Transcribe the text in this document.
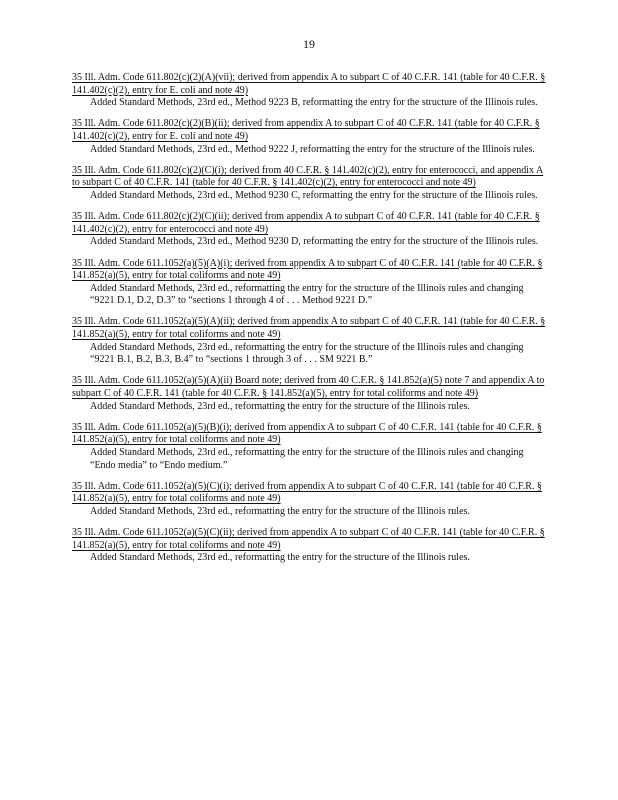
19
35 Ill. Adm. Code 611.802(c)(2)(A)(vii); derived from appendix A to subpart C of 40 C.F.R. 141 (table for 40 C.F.R. § 141.402(c)(2), entry for E. coli and note 49)
Added Standard Methods, 23rd ed., Method 9223 B, reformatting the entry for the structure of the Illinois rules.
35 Ill. Adm. Code 611.802(c)(2)(B)(ii); derived from appendix A to subpart C of 40 C.F.R. 141 (table for 40 C.F.R. § 141.402(c)(2), entry for E. coli and note 49)
Added Standard Methods, 23rd ed., Method 9222 J, reformatting the entry for the structure of the Illinois rules.
35 Ill. Adm. Code 611.802(c)(2)(C)(i); derived from 40 C.F.R. § 141.402(c)(2), entry for enterococci, and appendix A to subpart C of 40 C.F.R. 141 (table for 40 C.F.R. § 141.402(c)(2), entry for enterococci and note 49)
Added Standard Methods, 23rd ed., Method 9230 C, reformatting the entry for the structure of the Illinois rules.
35 Ill. Adm. Code 611.802(c)(2)(C)(ii); derived from appendix A to subpart C of 40 C.F.R. 141 (table for 40 C.F.R. § 141.402(c)(2), entry for enterococci and note 49)
Added Standard Methods, 23rd ed., Method 9230 D, reformatting the entry for the structure of the Illinois rules.
35 Ill. Adm. Code 611.1052(a)(5)(A)(i); derived from appendix A to subpart C of 40 C.F.R. 141 (table for 40 C.F.R. § 141.852(a)(5), entry for total coliforms and note 49)
Added Standard Methods, 23rd ed., reformatting the entry for the structure of the Illinois rules and changing “9221 D.1, D.2, D.3” to “sections 1 through 4 of . . . Method 9221 D.”
35 Ill. Adm. Code 611.1052(a)(5)(A)(ii); derived from appendix A to subpart C of 40 C.F.R. 141 (table for 40 C.F.R. § 141.852(a)(5), entry for total coliforms and note 49)
Added Standard Methods, 23rd ed., reformatting the entry for the structure of the Illinois rules and changing “9221 B.1, B.2, B.3, B.4” to “sections 1 through 3 of . . . SM 9221 B.”
35 Ill. Adm. Code 611.1052(a)(5)(A)(ii) Board note; derived from 40 C.F.R. § 141.852(a)(5) note 7 and appendix A to subpart C of 40 C.F.R. 141 (table for 40 C.F.R. § 141.852(a)(5), entry for total coliforms and note 49)
Added Standard Methods, 23rd ed., reformatting the entry for the structure of the Illinois rules.
35 Ill. Adm. Code 611.1052(a)(5)(B)(i); derived from appendix A to subpart C of 40 C.F.R. 141 (table for 40 C.F.R. § 141.852(a)(5), entry for total coliforms and note 49)
Added Standard Methods, 23rd ed., reformatting the entry for the structure of the Illinois rules and changing “Endo media” to “Endo medium.”
35 Ill. Adm. Code 611.1052(a)(5)(C)(i); derived from appendix A to subpart C of 40 C.F.R. 141 (table for 40 C.F.R. § 141.852(a)(5), entry for total coliforms and note 49)
Added Standard Methods, 23rd ed., reformatting the entry for the structure of the Illinois rules.
35 Ill. Adm. Code 611.1052(a)(5)(C)(ii); derived from appendix A to subpart C of 40 C.F.R. 141 (table for 40 C.F.R. § 141.852(a)(5), entry for total coliforms and note 49)
Added Standard Methods, 23rd ed., reformatting the entry for the structure of the Illinois rules.
